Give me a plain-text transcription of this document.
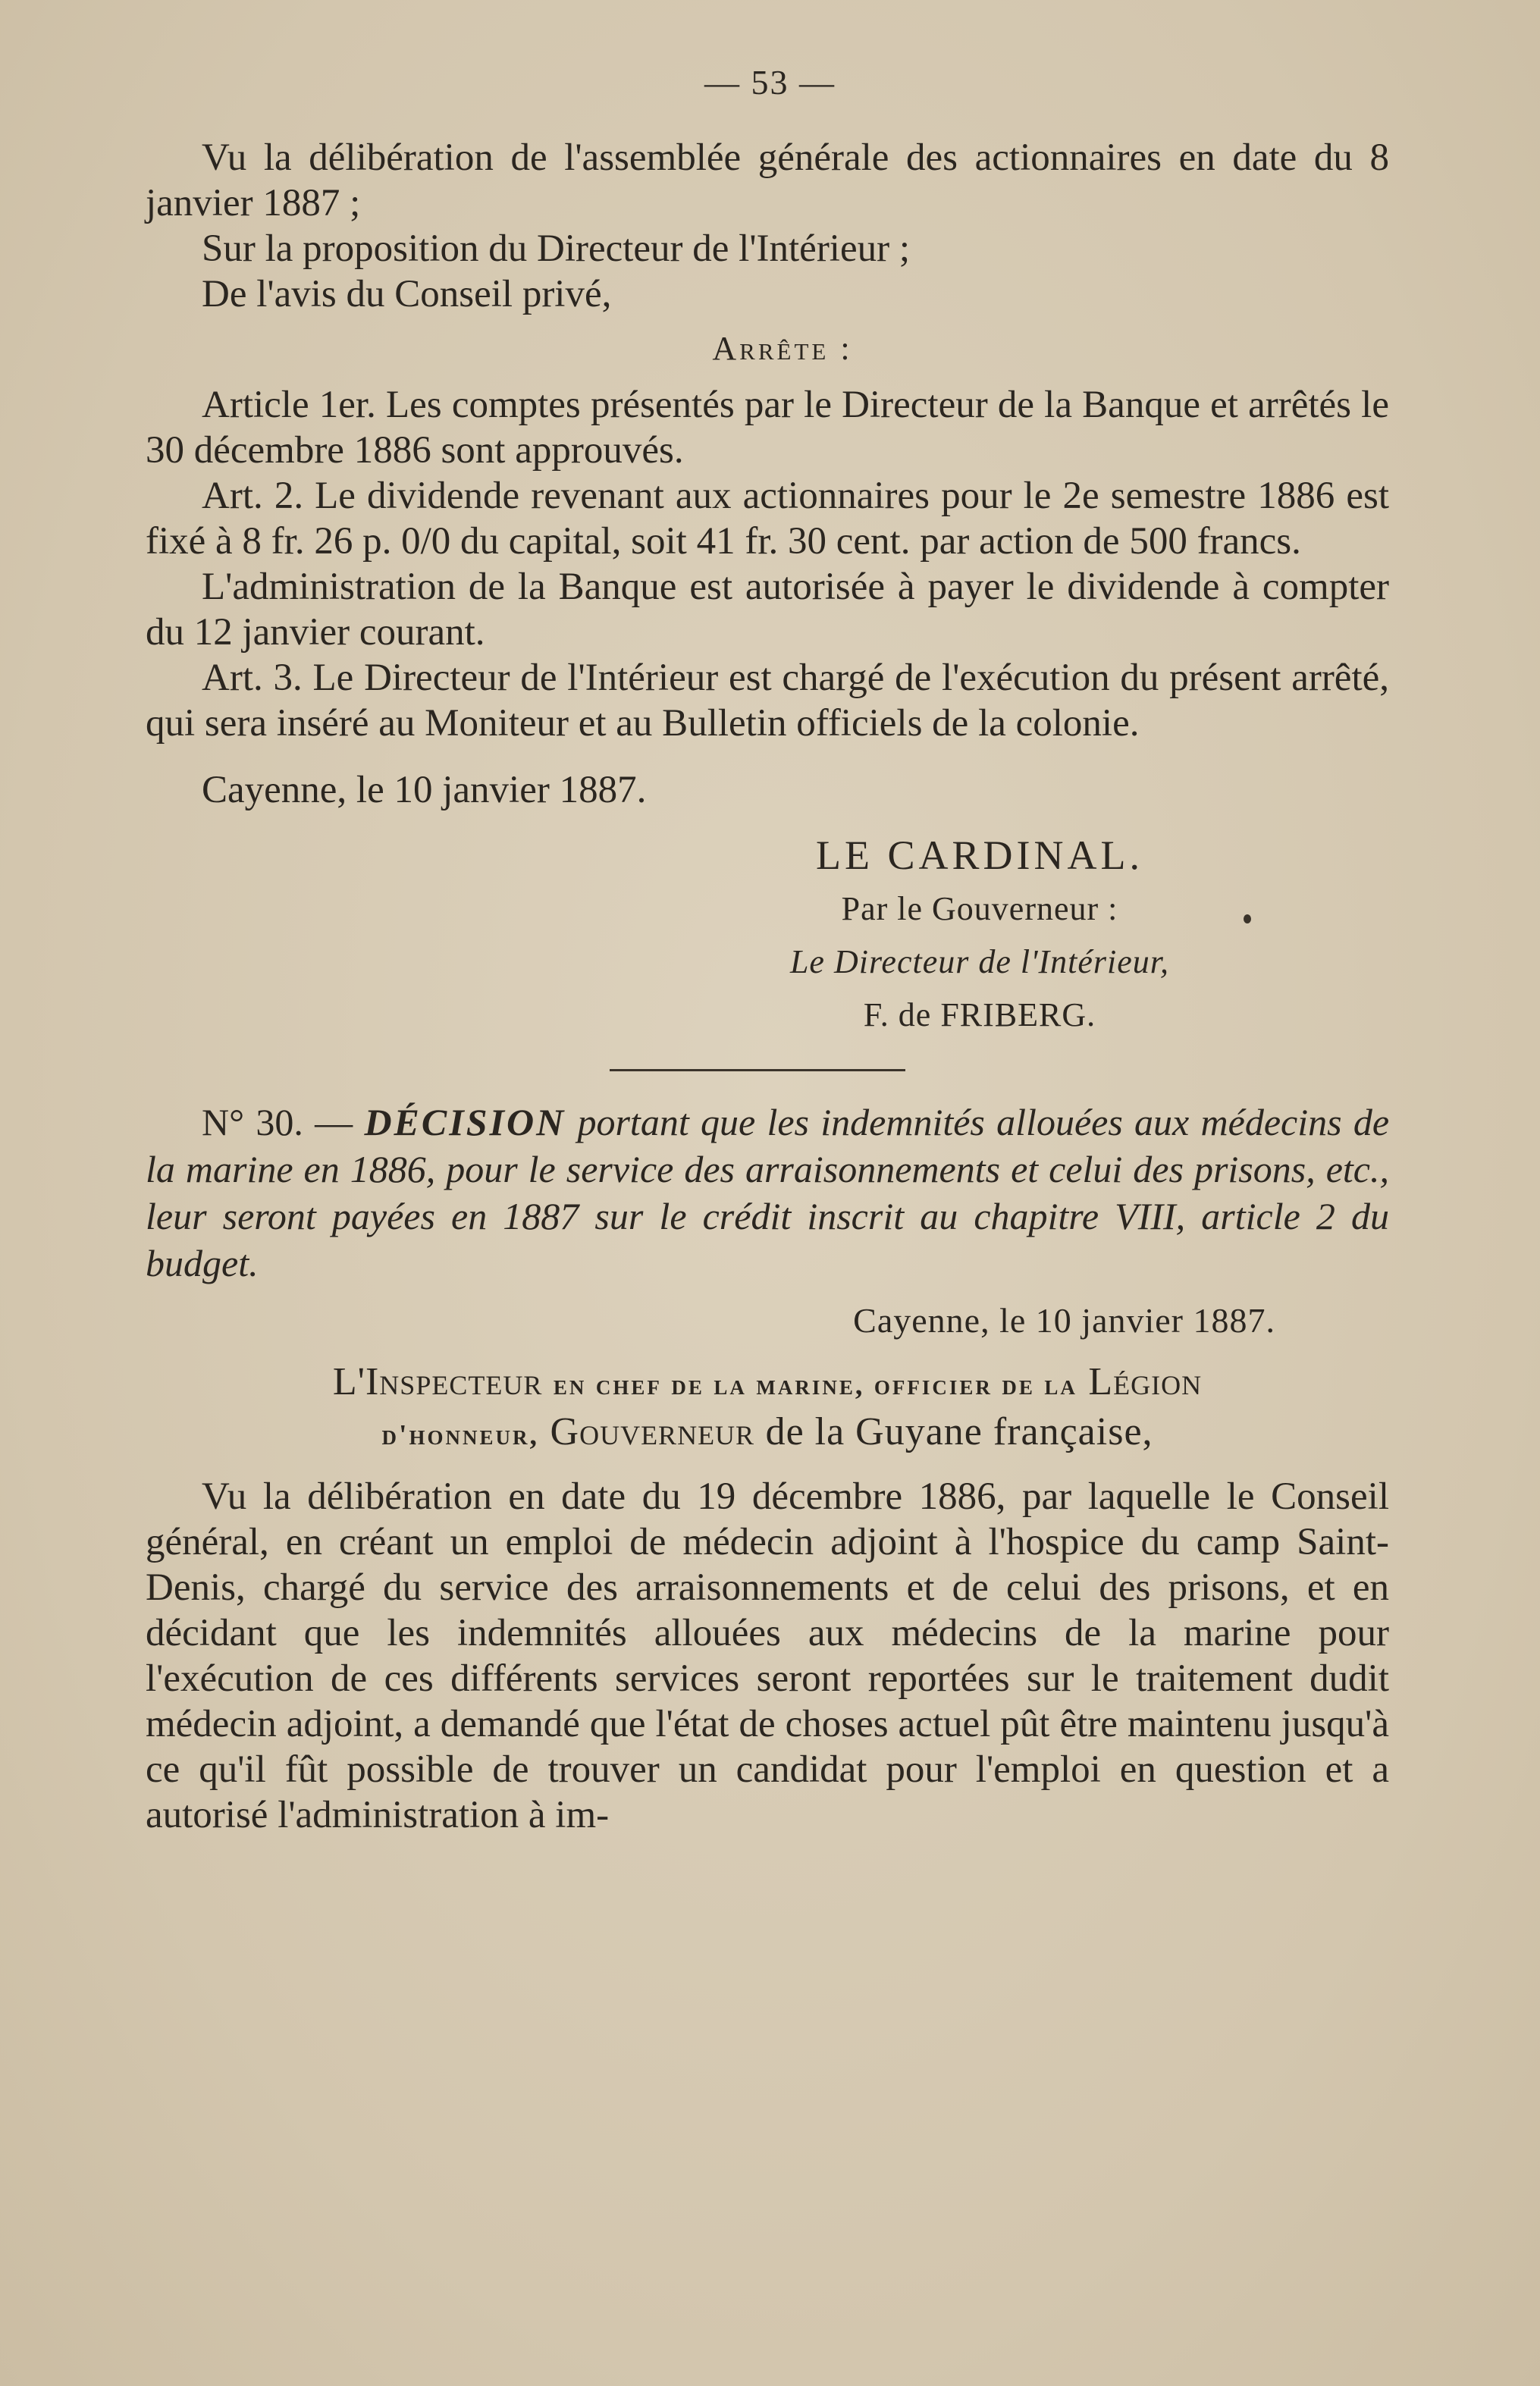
— 53 —

Vu la délibération de l'assemblée générale des actionnaires en date du 8 janvier 1887 ;

Sur la proposition du Directeur de l'Intérieur ;

De l'avis du Conseil privé,

Arrête :

Article 1er. Les comptes présentés par le Directeur de la Banque et arrêtés le 30 décembre 1886 sont approuvés.

Art. 2. Le dividende revenant aux actionnaires pour le 2e semestre 1886 est fixé à 8 fr. 26 p. 0/0 du capital, soit 41 fr. 30 cent. par action de 500 francs.

L'administration de la Banque est autorisée à payer le dividende à compter du 12 janvier courant.

Art. 3. Le Directeur de l'Intérieur est chargé de l'exécution du présent arrêté, qui sera inséré au Moniteur et au Bulletin officiels de la colonie.

Cayenne, le 10 janvier 1887.

LE CARDINAL.
Par le Gouverneur :
Le Directeur de l'Intérieur,
F. de FRIBERG.

N° 30. — DÉCISION portant que les indemnités allouées aux médecins de la marine en 1886, pour le service des arraisonnements et celui des prisons, etc., leur seront payées en 1887 sur le crédit inscrit au chapitre VIII, article 2 du budget.

Cayenne, le 10 janvier 1887.
L'Inspecteur en chef de la marine, officier de la Légion
d'honneur, Gouverneur de la Guyane française,

Vu la délibération en date du 19 décembre 1886, par laquelle le Conseil général, en créant un emploi de médecin adjoint à l'hospice du camp Saint-Denis, chargé du service des arraisonnements et de celui des prisons, et en décidant que les indemnités allouées aux médecins de la marine pour l'exécution de ces différents services seront reportées sur le traitement dudit médecin adjoint, a demandé que l'état de choses actuel pût être maintenu jusqu'à ce qu'il fût possible de trouver un candidat pour l'emploi en question et a autorisé l'administration à im-
